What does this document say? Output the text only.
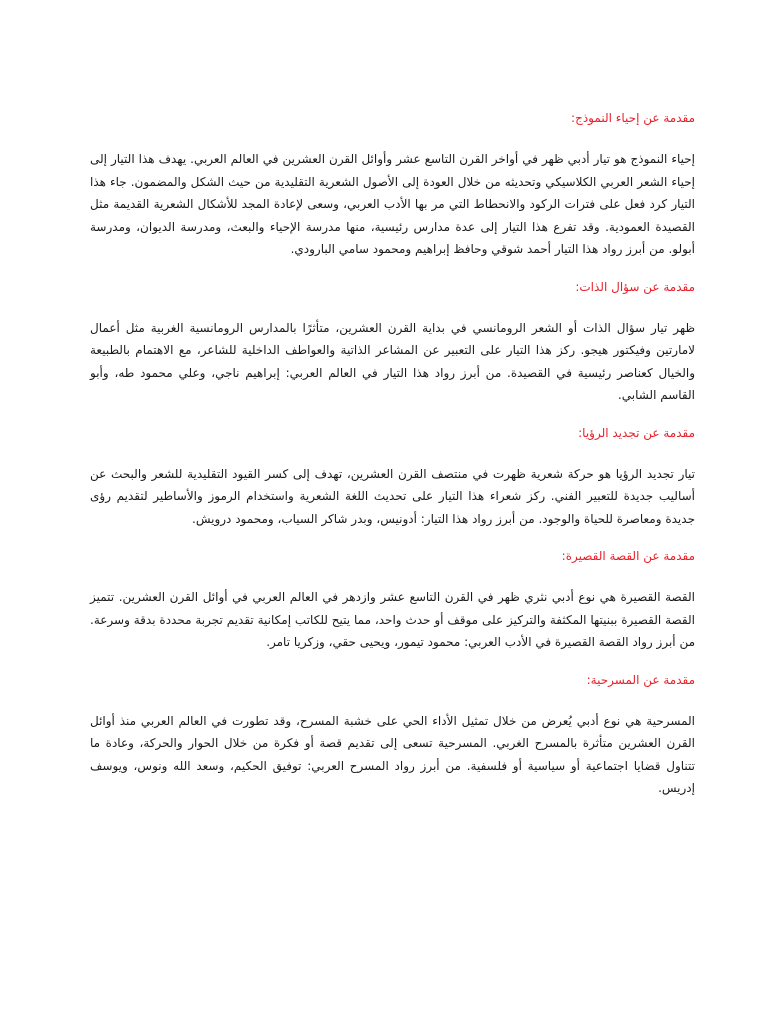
مقدمة عن إحياء النموذج:

إحياء النموذج هو تيار أدبي ظهر في أواخر القرن التاسع عشر وأوائل القرن العشرين في العالم العربي. يهدف هذا التيار إلى إحياء الشعر العربي الكلاسيكي وتحديثه من خلال العودة إلى الأصول الشعرية التقليدية من حيث الشكل والمضمون. جاء هذا التيار كرد فعل على فترات الركود والانحطاط التي مر بها الأدب العربي، وسعى لإعادة المجد للأشكال الشعرية القديمة مثل القصيدة العمودية. وقد تفرع هذا التيار إلى عدة مدارس رئيسية، منها مدرسة الإحياء والبعث، ومدرسة الديوان، ومدرسة أبولو. من أبرز رواد هذا التيار أحمد شوقي وحافظ إبراهيم ومحمود سامي البارودي.

مقدمة عن سؤال الذات:

ظهر تيار سؤال الذات أو الشعر الرومانسي في بداية القرن العشرين، متأثرًا بالمدارس الرومانسية الغربية مثل أعمال لامارتين وفيكتور هيجو. ركز هذا التيار على التعبير عن المشاعر الذاتية والعواطف الداخلية للشاعر، مع الاهتمام بالطبيعة والخيال كعناصر رئيسية في القصيدة. من أبرز رواد هذا التيار في العالم العربي: إبراهيم ناجي، وعلي محمود طه، وأبو القاسم الشابي.

مقدمة عن تجديد الرؤيا:

تيار تجديد الرؤيا هو حركة شعرية ظهرت في منتصف القرن العشرين، تهدف إلى كسر القيود التقليدية للشعر والبحث عن أساليب جديدة للتعبير الفني. ركز شعراء هذا التيار على تحديث اللغة الشعرية واستخدام الرموز والأساطير لتقديم رؤى جديدة ومعاصرة للحياة والوجود. من أبرز رواد هذا التيار: أدونيس، وبدر شاكر السياب، ومحمود درويش.

مقدمة عن القصة القصيرة:

القصة القصيرة هي نوع أدبي نثري ظهر في القرن التاسع عشر وازدهر في العالم العربي في أوائل القرن العشرين. تتميز القصة القصيرة ببنيتها المكثفة والتركيز على موقف أو حدث واحد، مما يتيح للكاتب إمكانية تقديم تجربة محددة بدقة وسرعة. من أبرز رواد القصة القصيرة في الأدب العربي: محمود تيمور، ويحيى حقي، وزكريا تامر.

مقدمة عن المسرحية:

المسرحية هي نوع أدبي يُعرض من خلال تمثيل الأداء الحي على خشبة المسرح، وقد تطورت في العالم العربي منذ أوائل القرن العشرين متأثرة بالمسرح الغربي. المسرحية تسعى إلى تقديم قصة أو فكرة من خلال الحوار والحركة، وعادة ما تتناول قضايا اجتماعية أو سياسية أو فلسفية. من أبرز رواد المسرح العربي: توفيق الحكيم، وسعد الله ونوس، ويوسف إدريس.
